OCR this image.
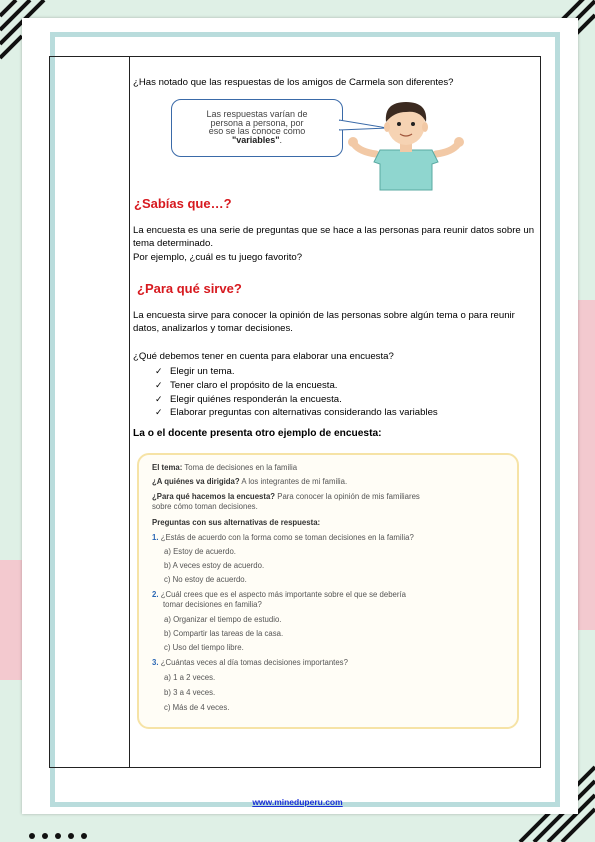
¿Has notado que las respuestas de los amigos de Carmela son diferentes?

Las respuestas varían de
persona a persona, por
eso se las conoce como
"variables".
¿Sabías que…?

La encuesta es una serie de preguntas que se hace a las personas para reunir datos sobre un tema determinado.

Por ejemplo, ¿cuál es tu juego favorito?

¿Para qué sirve?

La encuesta sirve para conocer la opinión de las personas sobre algún tema o para reunir datos, analizarlos y tomar decisiones.

¿Qué debemos tener en cuenta para elaborar una encuesta?

✓ Elegir un tema.
✓ Tener claro el propósito de la encuesta.
✓ Elegir quiénes responderán la encuesta.
✓ Elaborar preguntas con alternativas considerando las variables

La o el docente presenta otro ejemplo de encuesta:

El tema: Toma de decisiones en la familia

¿A quiénes va dirigida? A los integrantes de mi familia.

¿Para qué hacemos la encuesta? Para conocer la opinión de mis familiares
sobre cómo toman decisiones.

Preguntas con sus alternativas de respuesta:

1. ¿Estás de acuerdo con la forma como se toman decisiones en la familia?

a) Estoy de acuerdo.

b) A veces estoy de acuerdo.

c) No estoy de acuerdo.

2. ¿Cuál crees que es el aspecto más importante sobre el que se debería
tomar decisiones en familia?

a) Organizar el tiempo de estudio.

b) Compartir las tareas de la casa.

c) Uso del tiempo libre.

3. ¿Cuántas veces al día tomas decisiones importantes?

a) 1 a 2 veces.

b) 3 a 4 veces.

c) Más de 4 veces.

www.mineduperu.com
